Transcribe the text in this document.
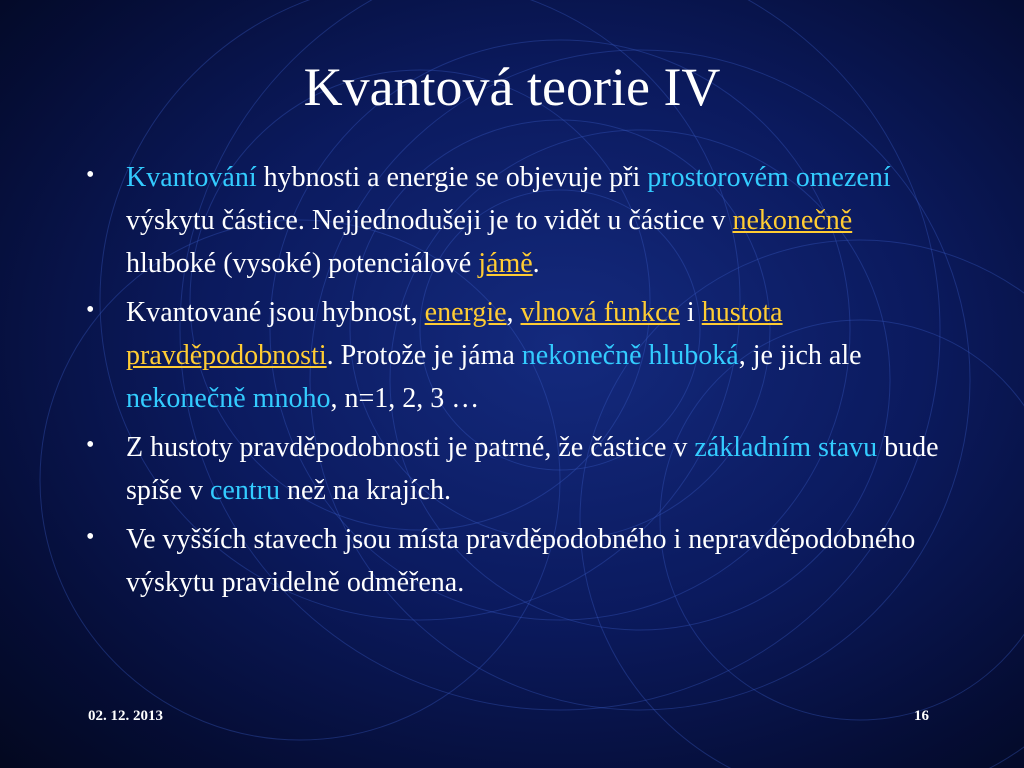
Kvantová teorie IV
• Kvantování hybnosti a energie se objevuje při prostorovém omezení výskytu částice. Nejjednodušeji je to vidět u částice v nekonečně hluboké (vysoké) potenciálové jámě.
• Kvantované jsou hybnost, energie, vlnová funkce i hustota pravděpodobnosti. Protože je jáma nekonečně hluboká, je jich ale nekonečně mnoho, n=1, 2, 3 …
• Z hustoty pravděpodobnosti je patrné, že částice v základním stavu bude spíše v centru než na krajích.
• Ve vyšších stavech jsou místa pravděpodobného i nepravděpodobného výskytu pravidelně odměřena.
02. 12. 2013	16
